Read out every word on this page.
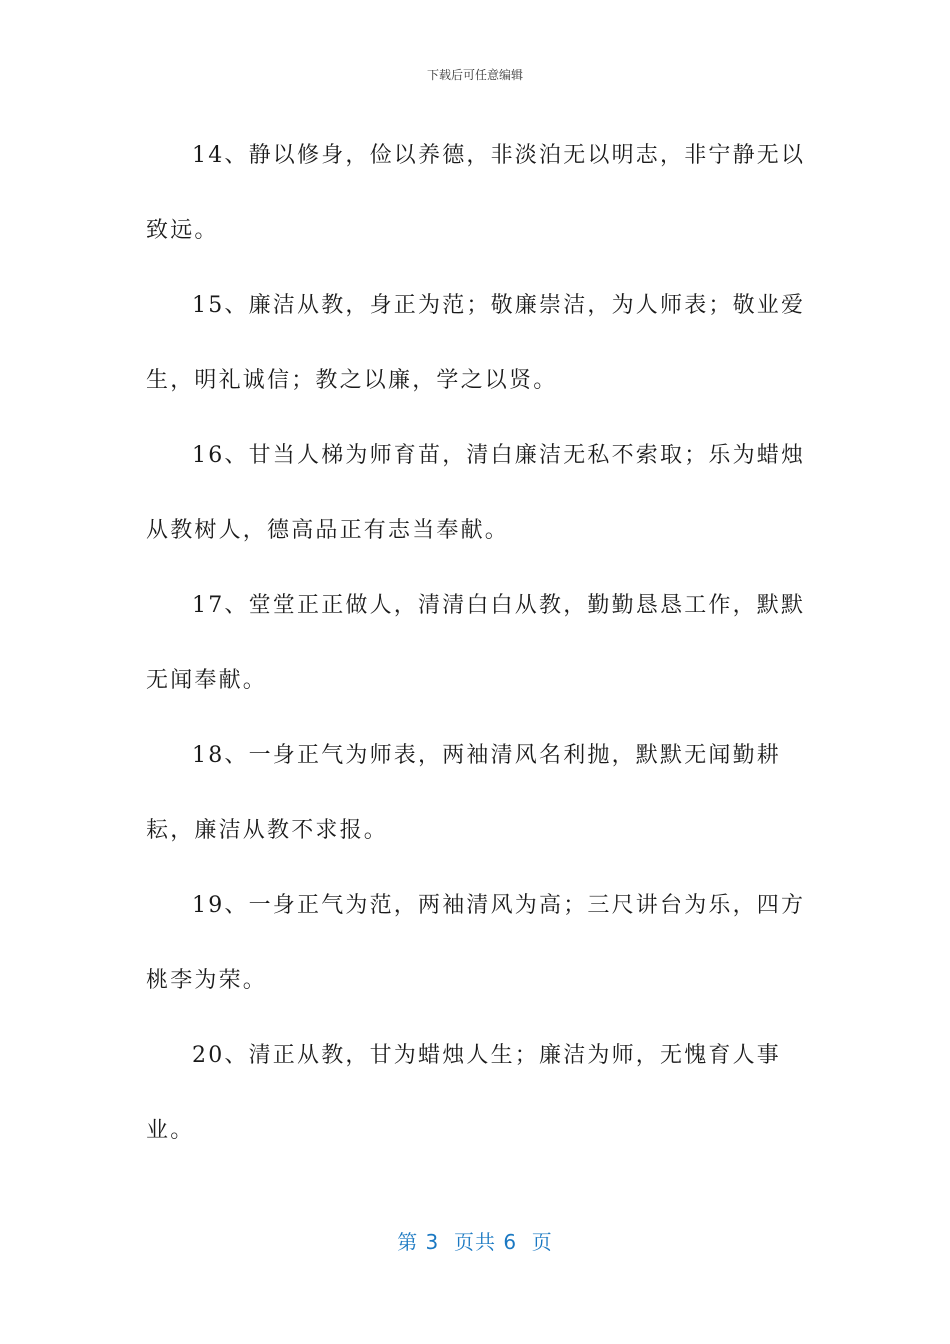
下载后可任意编辑

14、静以修身，俭以养德，非淡泊无以明志，非宁静无以致远。

15、廉洁从教，身正为范；敬廉崇洁，为人师表；敬业爱生，明礼诚信；教之以廉，学之以贤。

16、甘当人梯为师育苗，清白廉洁无私不索取；乐为蜡烛从教树人，德高品正有志当奉献。

17、堂堂正正做人，清清白白从教，勤勤恳恳工作，默默无闻奉献。

18、一身正气为师表，两袖清风名利抛，默默无闻勤耕耘，廉洁从教不求报。

19、一身正气为范，两袖清风为高；三尺讲台为乐，四方桃李为荣。

20、清正从教，甘为蜡烛人生；廉洁为师，无愧育人事业。

第 3  页共 6  页
